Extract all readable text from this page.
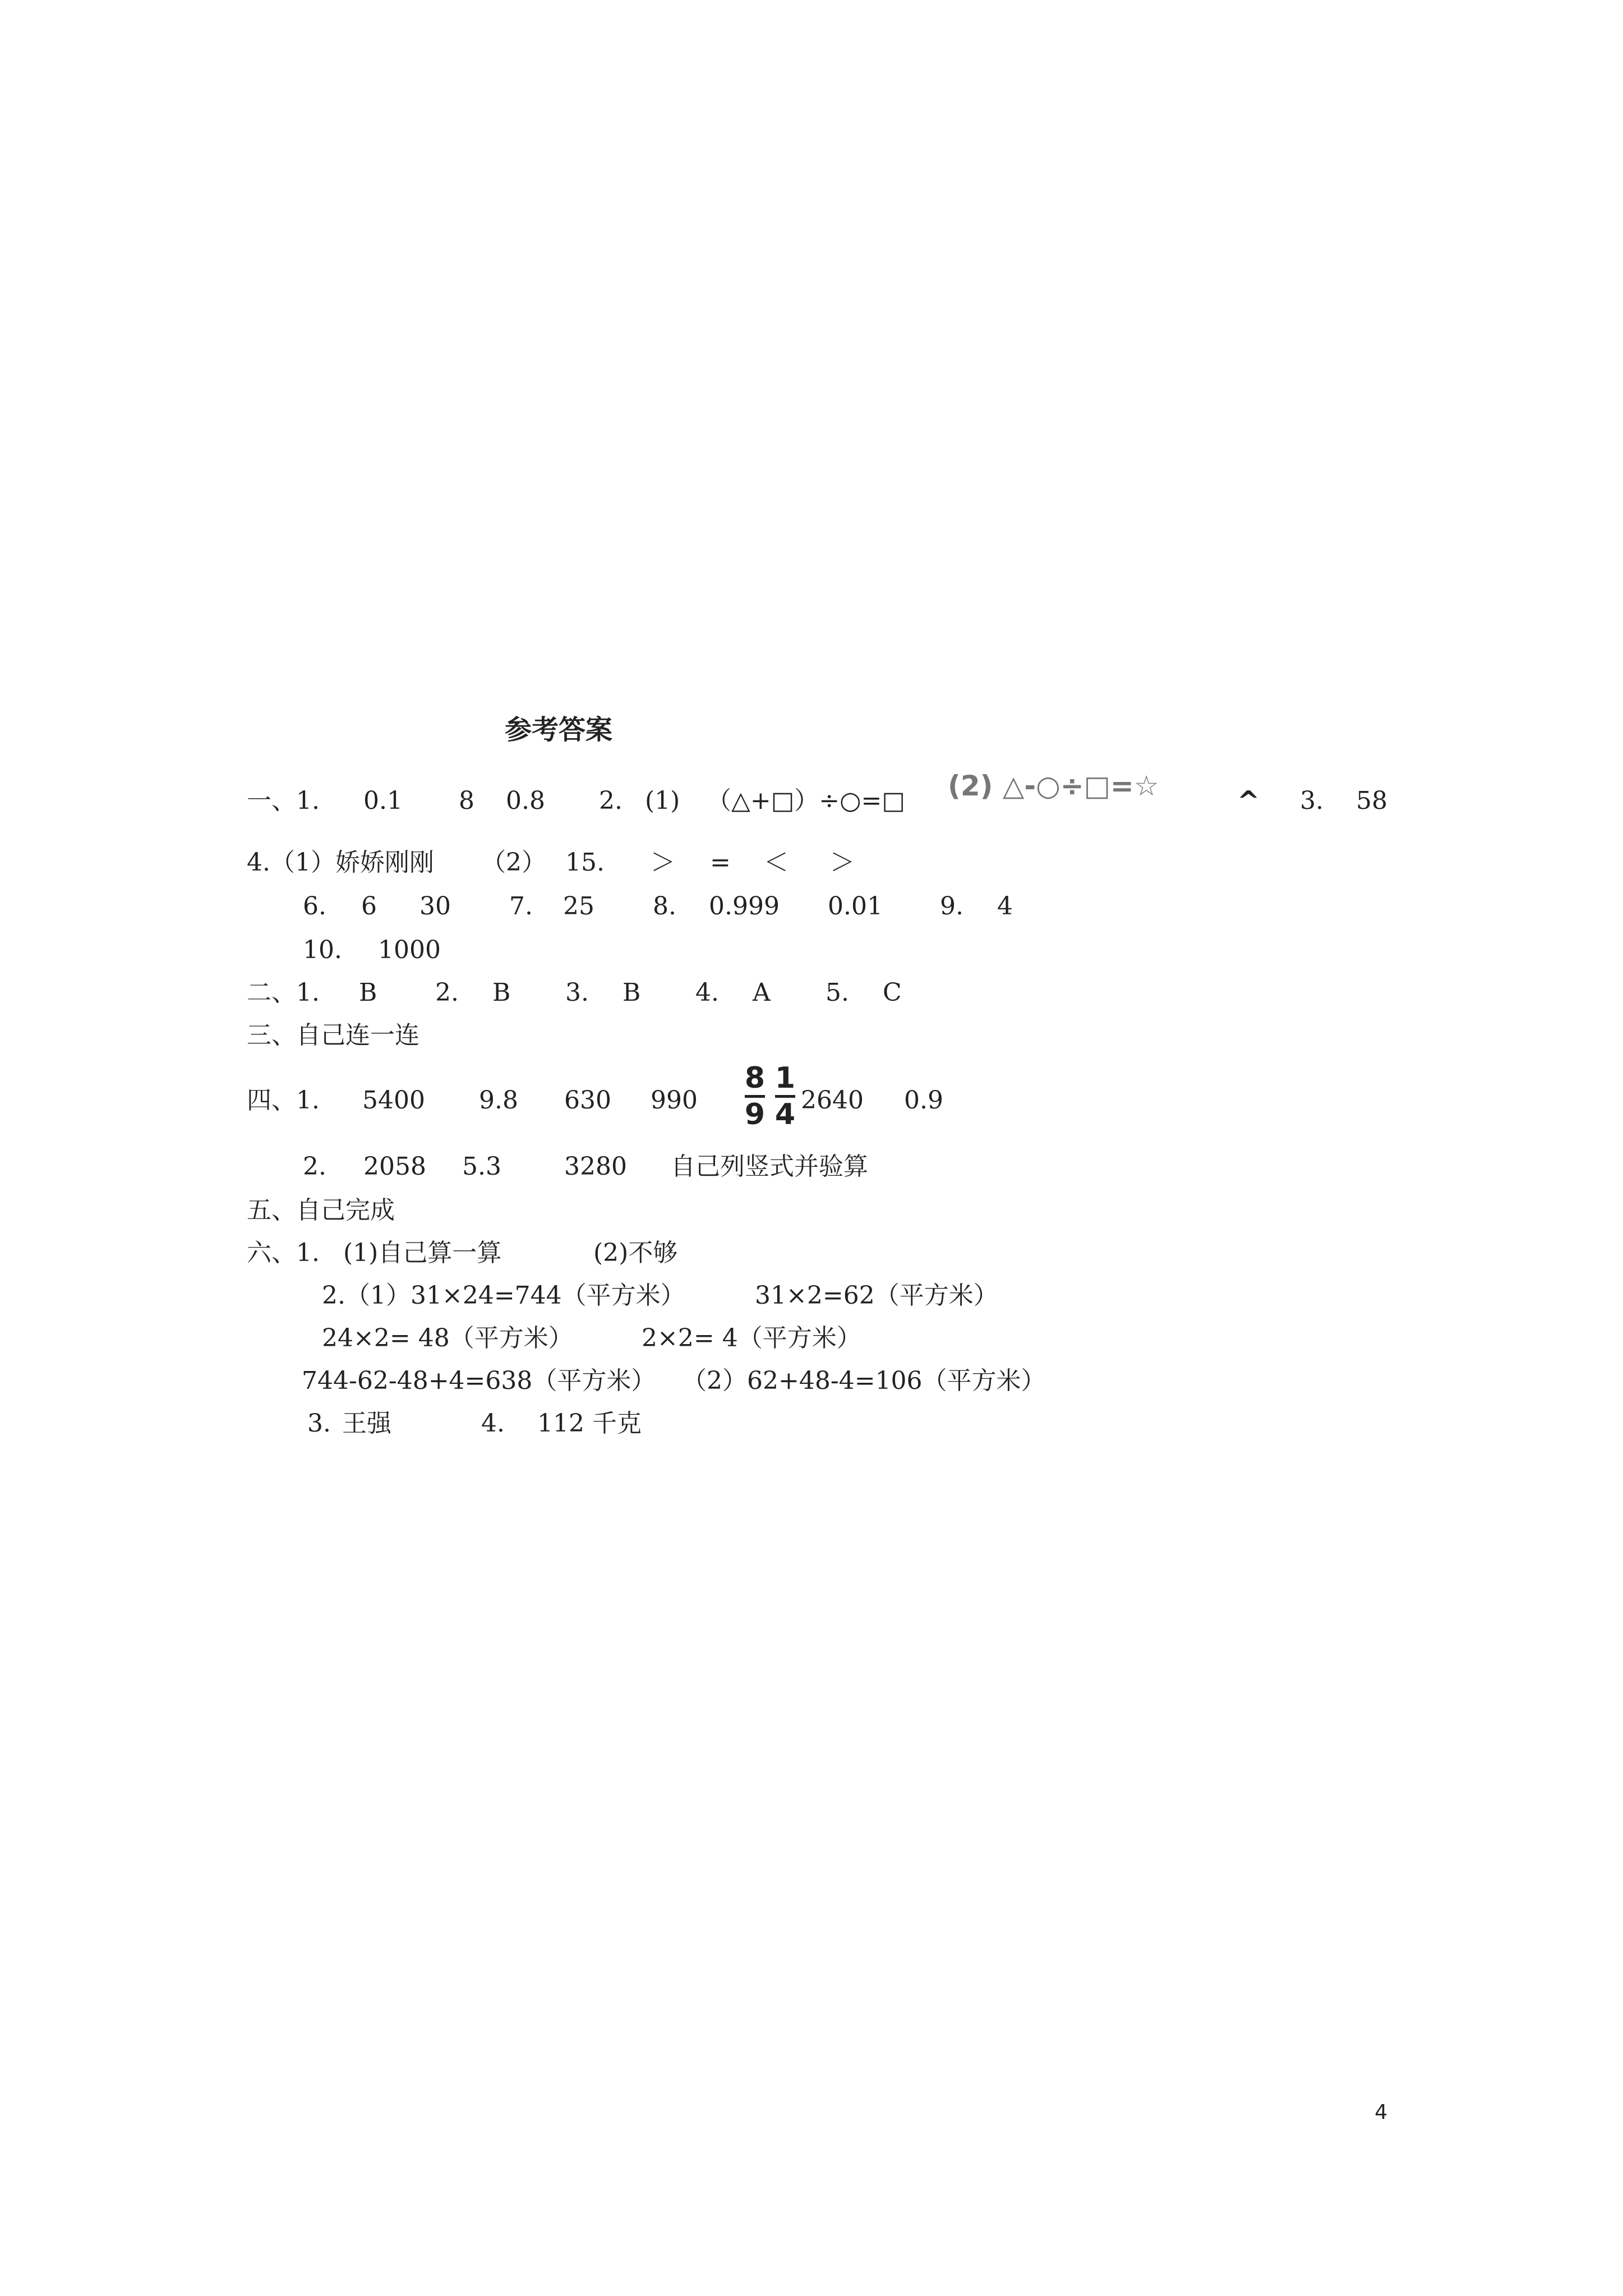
参考答案
一、1. 0.1 8 0.8 2. (1) （△+□）÷○=□ (2) △-○÷□=☆	^ 3. 58
4.（1）娇娇刚刚 （2） 15. ＞ = ＜ ＞
6. 6 30 7. 25 8. 0.999 0.01 9. 4
10. 1000
二、1. B 2. B 3. B 4. A 5. C
三、自己连一连
四、1. 5400 9.8 630 990
8
9
1
4 2640 0.9
2. 2058 5.3	3280 自己列竖式并验算
五、自己完成
六、1. (1)自己算一算	(2)不够
2.（1）31×24=744（平方米）	31×2=62（平方米）
24×2= 48（平方米）	2×2= 4（平方米）
744-62-48+4=638（平方米） （2）62+48-4=106（平方米）
3. 王强	4. 112 千克
4
